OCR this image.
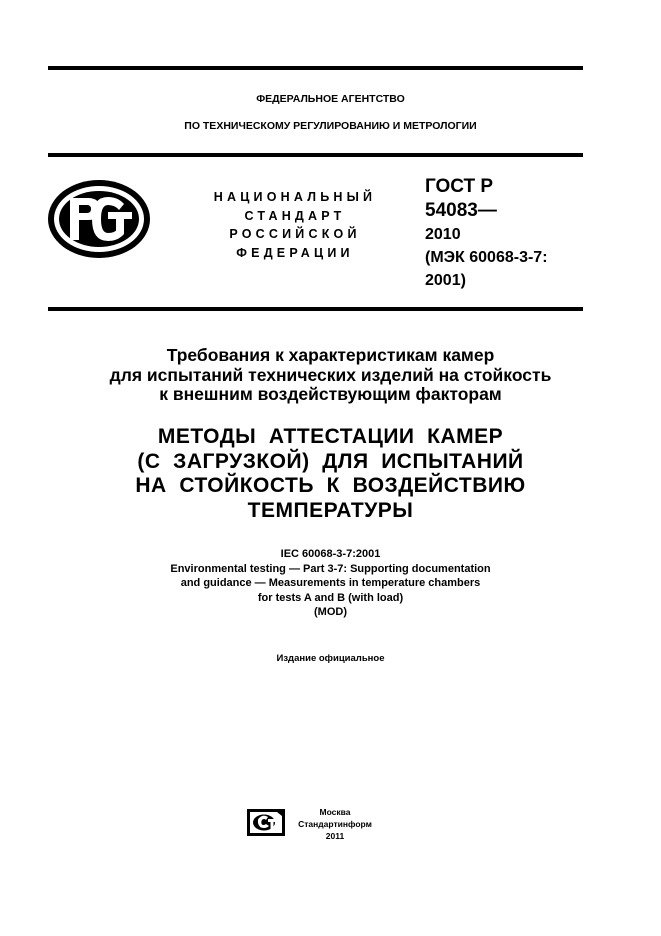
ФЕДЕРАЛЬНОЕ АГЕНТСТВО
ПО ТЕХНИЧЕСКОМУ РЕГУЛИРОВАНИЮ И МЕТРОЛОГИИ
НАЦИОНАЛЬНЫЙ
СТАНДАРТ
РОССИЙСКОЙ
ФЕДЕРАЦИИ
ГОСТ Р
54083—
2010
(МЭК 60068-3-7:
2001)
Требования к характеристикам камер
для испытаний технических изделий на стойкость
к внешним воздействующим факторам
МЕТОДЫ  АТТЕСТАЦИИ  КАМЕР
(С  ЗАГРУЗКОЙ)  ДЛЯ  ИСПЫТАНИЙ
НА  СТОЙКОСТЬ  К  ВОЗДЕЙСТВИЮ
ТЕМПЕРАТУРЫ
IEC 60068-3-7:2001
Environmental testing — Part 3-7: Supporting documentation
and guidance — Measurements in temperature chambers
for tests A and B (with load)
(MOD)
Издание официальное
Москва
Стандартинформ
2011
